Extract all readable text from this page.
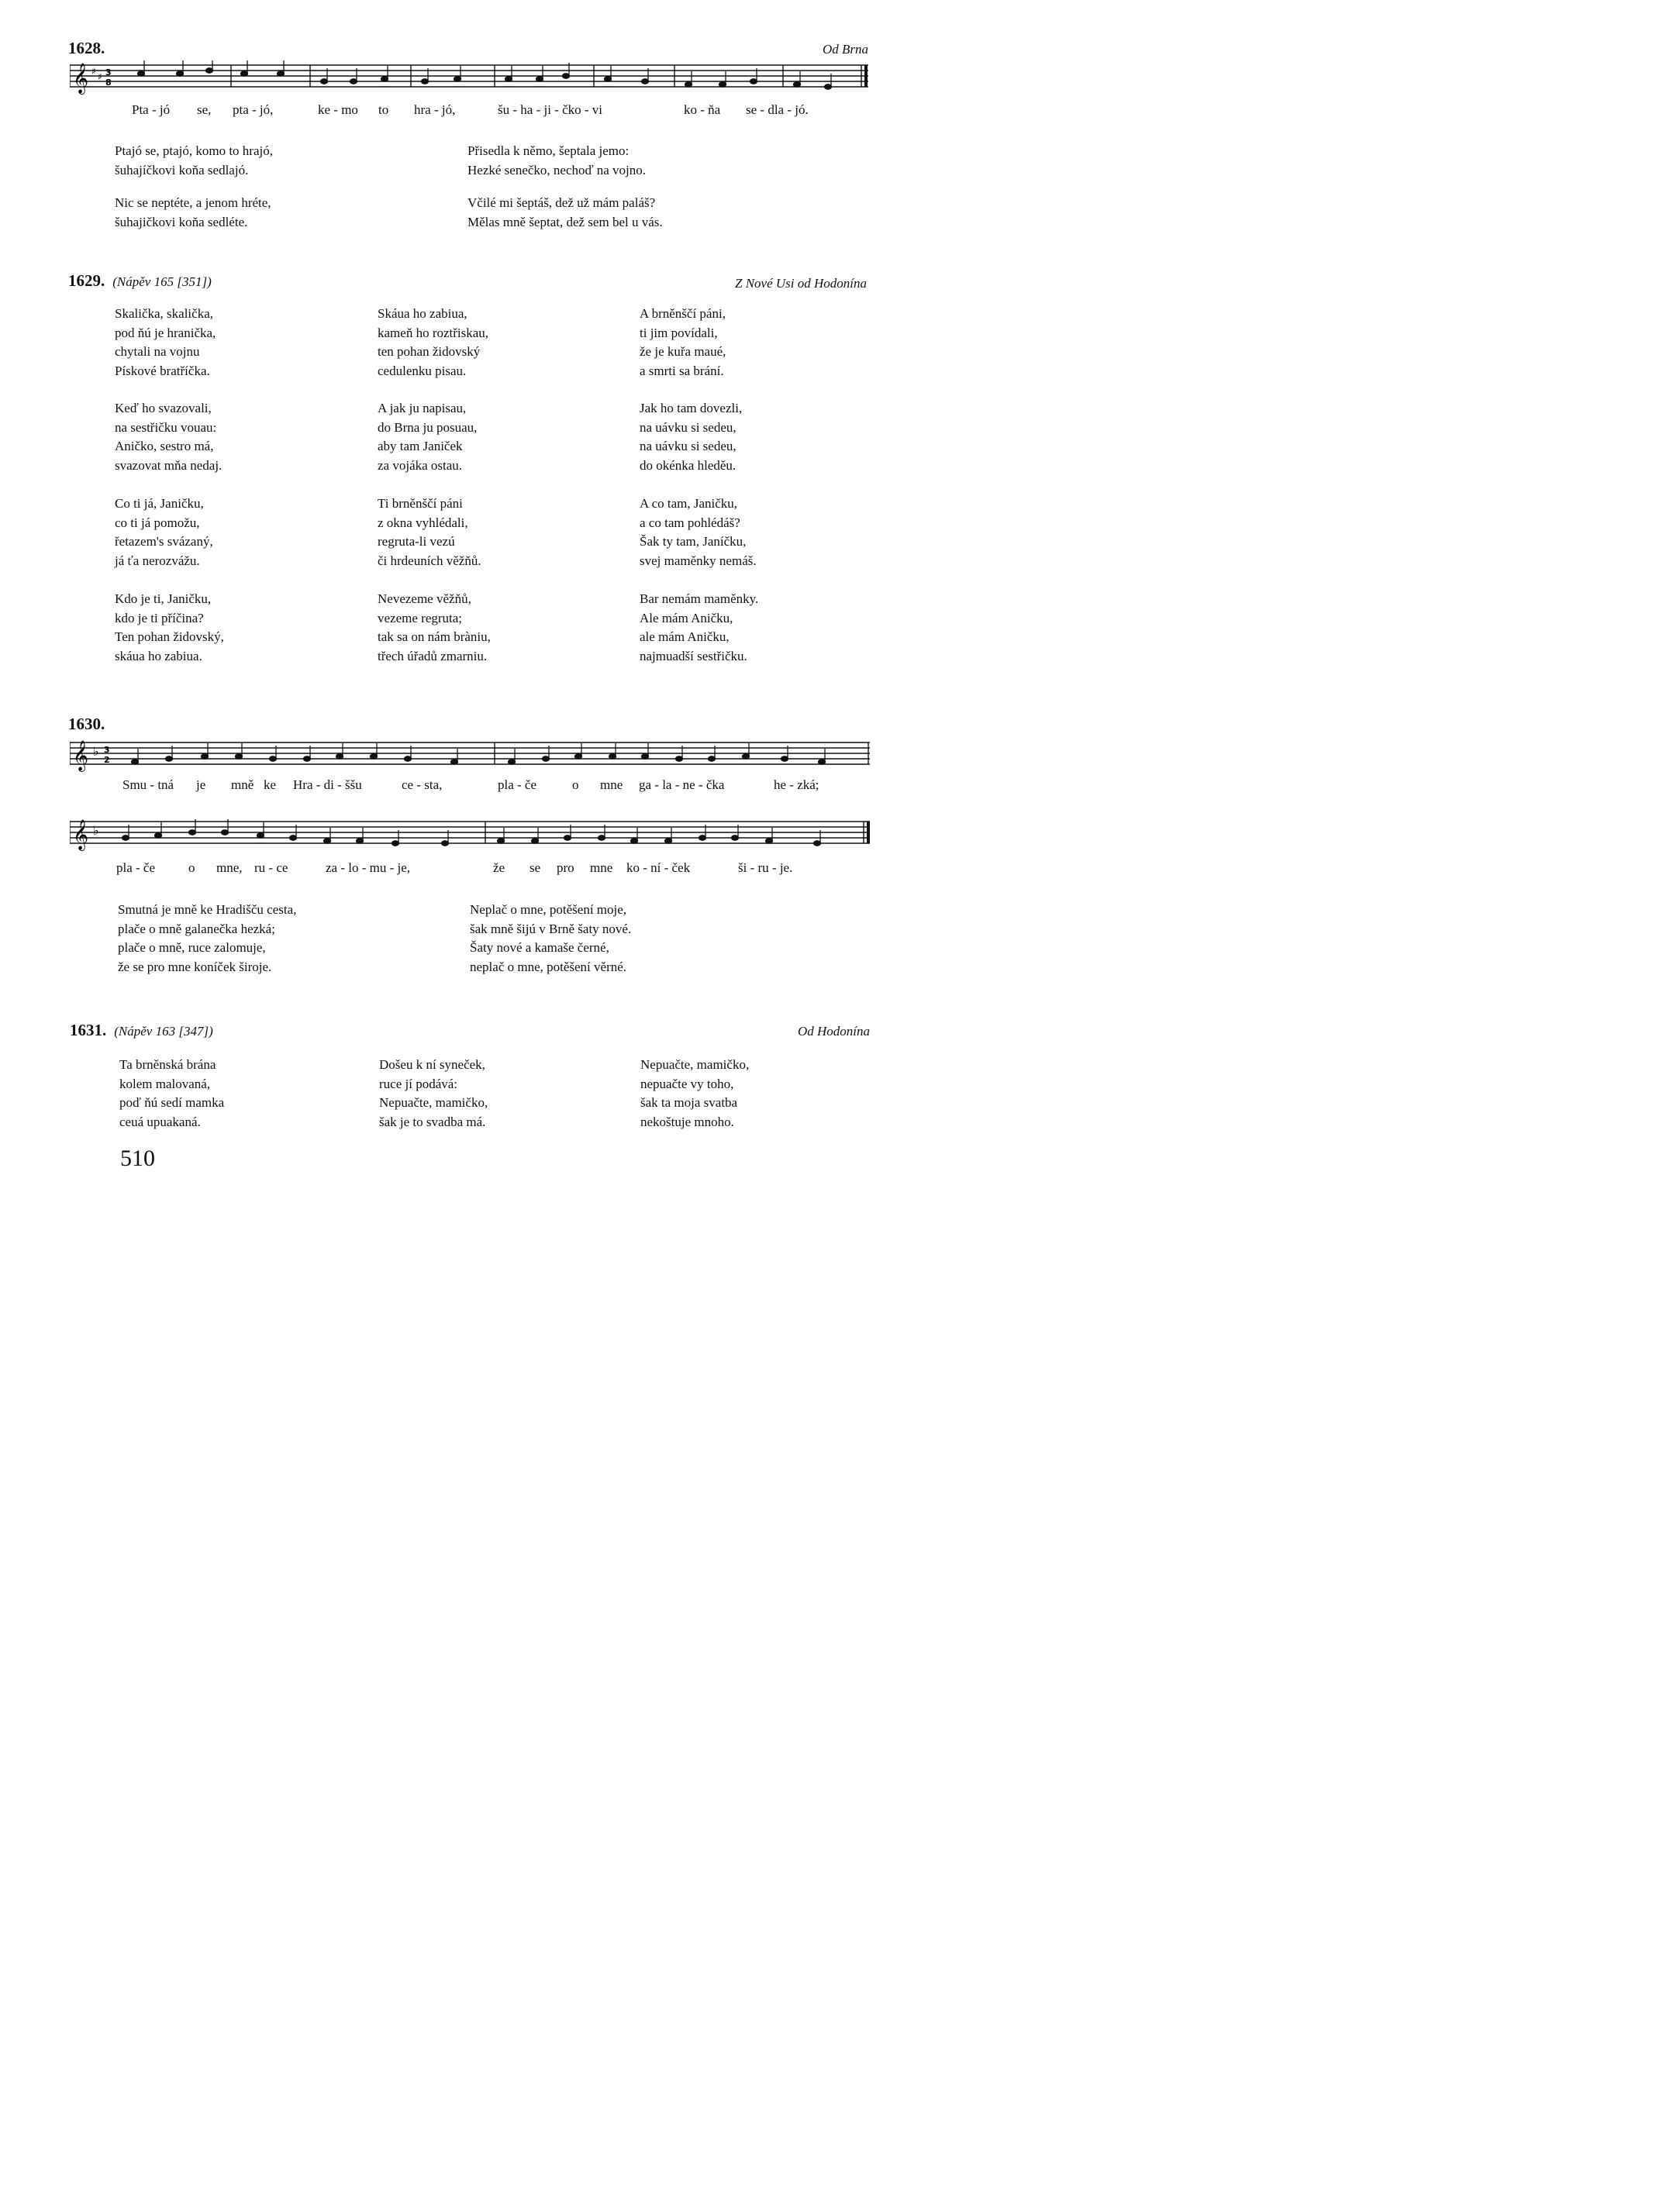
1628.	Od Brna
𝄞 ♯ ♯ 3
8
Pta - jó se, pta - jó,	ke - mo to hra - jó,	šu - ha - ji - čko - vi	ko - ňa se - dla - jó.
Ptajó se, ptajó, komo to hrajó,
šuhajíčkovi koňa sedlajó.
Přisedla k němo, šeptala jemo:
Hezké senečko, nechoď na vojno.
Nic se neptéte, a jenom hréte,
šuhajičkovi koňa sedléte.
Včilé mi šeptáš, dež už mám paláš?
Mělas mně šeptat, dež sem bel u vás.
1629. (Nápěv 165 [351])	Z Nové Usi od Hodonína
Skalička, skalička,
pod ňú je hranička,
chytali na vojnu
Pískové bratříčka.
Skáua ho zabiua,
kameň ho roztřiskau,
ten pohan židovský
cedulenku pisau.
A brněnščí páni,
ti jim povídali,
že je kuřa maué,
a smrti sa brání.
Keď ho svazovali,
na sestřičku vouau:
Aničko, sestro má,
svazovat mňa nedaj.
A jak ju napisau,
do Brna ju posuau,
aby tam Janiček
za vojáka ostau.
Jak ho tam dovezli,
na uávku si sedeu,
na uávku si sedeu,
do okénka hleděu.
Co ti já, Janičku,
co ti já pomožu,
řetazem's svázaný,
já ťa nerozvážu.
Ti brněnščí páni
z okna vyhlédali,
regruta-li vezú
či hrdeuních věžňů.
A co tam, Janičku,
a co tam pohlédáš?
Šak ty tam, Janíčku,
svej maměnky nemáš.
Kdo je ti, Janičku,
kdo je ti příčina?
Ten pohan židovský,
skáua ho zabiua.
Nevezeme věžňů,
vezeme regruta;
tak sa on nám bràniu,
třech úřadů zmarniu.
Bar nemám maměnky.
Ale mám Aničku,
ale mám Aničku,
najmuadší sestřičku.
1630.
𝄞 ♭ 3
2
Smu - tná je mně ke Hra - di - ššu	ce - sta,	pla - če	o mne ga - la - ne - čka	he - zká;
𝄞 ♭
pla - če	o mne, ru - ce	za - lo - mu - je,	že se pro mne ko - ní - ček	ši - ru - je.
Smutná je mně ke Hradišču cesta,
plače o mně galanečka hezká;
plače o mně, ruce zalomuje,
že se pro mne koníček široje.
Neplač o mne, potěšení moje,
šak mně šijú v Brně šaty nové.
Šaty nové a kamaše černé,
neplač o mne, potěšení věrné.
1631. (Nápěv 163 [347])	Od Hodonína
Ta brněnská brána
kolem malovaná,
poď ňú sedí mamka
ceuá upuakaná.
Došeu k ní syneček,
ruce jí podává:
Nepuačte, mamičko,
šak je to svadba má.
Nepuačte, mamičko,
nepuačte vy toho,
šak ta moja svatba
nekoštuje mnoho.
510
